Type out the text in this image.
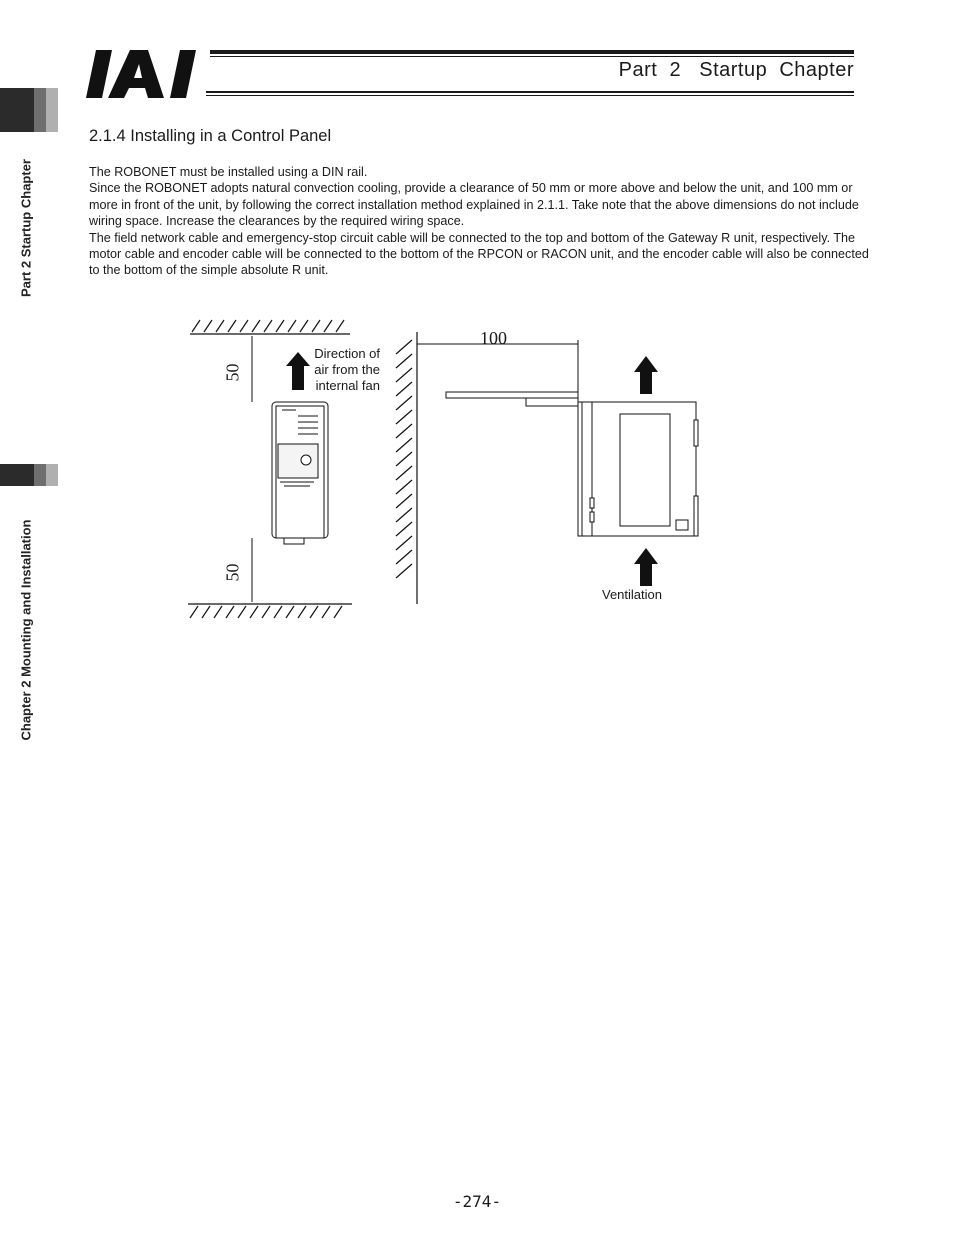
Part  2   Startup  Chapter
Part 2 Startup Chapter
Chapter 2 Mounting and Installation
2.1.4 Installing in a Control Panel

The ROBONET must be installed using a DIN rail.

Since the ROBONET adopts natural convection cooling, provide a clearance of 50 mm or more above and below the unit, and 100 mm or more in front of the unit, by following the correct installation method explained in 2.1.1. Take note that the above dimensions do not include wiring space. Increase the clearances by the required wiring space.

The field network cable and emergency-stop circuit cable will be connected to the top and bottom of the Gateway R unit, respectively. The motor cable and encoder cable will be connected to the bottom of the RPCON or RACON unit, and the encoder cable will also be connected to the bottom of the simple absolute R unit.

50
50
100
Direction of air from the internal fan
Ventilation
-274-
